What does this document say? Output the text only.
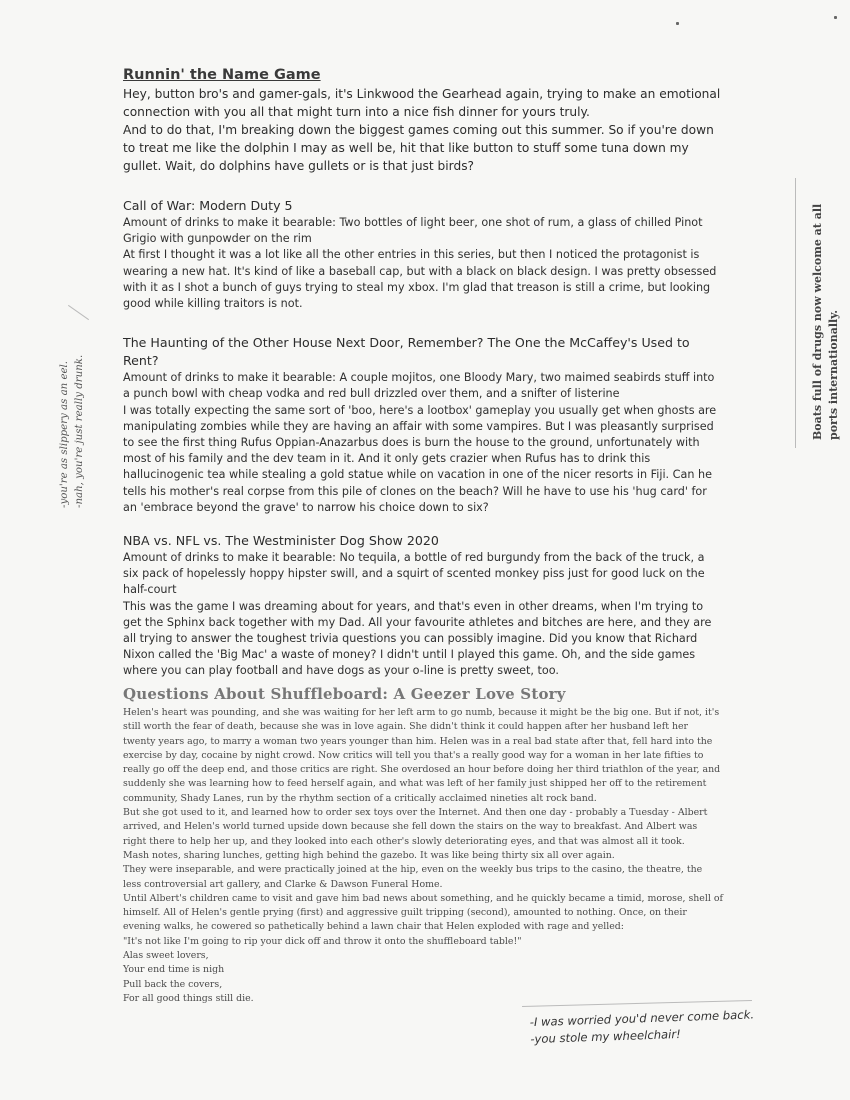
Runnin' the Name Game

Hey, button bro's and gamer-gals, it's Linkwood the Gearhead again, trying to make an emotional connection with you all that might turn into a nice fish dinner for yours truly.

And to do that, I'm breaking down the biggest games coming out this summer. So if you're down to treat me like the dolphin I may as well be, hit that like button to stuff some tuna down my gullet. Wait, do dolphins have gullets or is that just birds?

Call of War: Modern Duty 5

Amount of drinks to make it bearable: Two bottles of light beer, one shot of rum, a glass of chilled Pinot Grigio with gunpowder on the rim

At first I thought it was a lot like all the other entries in this series, but then I noticed the protagonist is wearing a new hat. It's kind of like a baseball cap, but with a black on black design. I was pretty obsessed with it as I shot a bunch of guys trying to steal my xbox. I'm glad that treason is still a crime, but looking good while killing traitors is not.

The Haunting of the Other House Next Door, Remember? The One the McCaffey's Used to Rent?

Amount of drinks to make it bearable: A couple mojitos, one Bloody Mary, two maimed seabirds stuff into a punch bowl with cheap vodka and red bull drizzled over them, and a snifter of listerine

I was totally expecting the same sort of 'boo, here's a lootbox' gameplay you usually get when ghosts are manipulating zombies while they are having an affair with some vampires. But I was pleasantly surprised to see the first thing Rufus Oppian-Anazarbus does is burn the house to the ground, unfortunately with most of his family and the dev team in it. And it only gets crazier when Rufus has to drink this hallucinogenic tea while stealing a gold statue while on vacation in one of the nicer resorts in Fiji. Can he tells his mother's real corpse from this pile of clones on the beach? Will he have to use his 'hug card' for an 'embrace beyond the grave' to narrow his choice down to six?

NBA vs. NFL vs. The Westminister Dog Show 2020

Amount of drinks to make it bearable: No tequila, a bottle of red burgundy from the back of the truck, a six pack of hopelessly hoppy hipster swill, and a squirt of scented monkey piss just for good luck on the half-court

This was the game I was dreaming about for years, and that's even in other dreams, when I'm trying to get the Sphinx back together with my Dad. All your favourite athletes and bitches are here, and they are all trying to answer the toughest trivia questions you can possibly imagine. Did you know that Richard Nixon called the 'Big Mac' a waste of money? I didn't until I played this game. Oh, and the side games where you can play football and have dogs as your o-line is pretty sweet, too.

Questions About Shuffleboard: A Geezer Love Story

Helen's heart was pounding, and she was waiting for her left arm to go numb, because it might be the big one. But if not, it's still worth the fear of death, because she was in love again. She didn't think it could happen after her husband left her twenty years ago, to marry a woman two years younger than him. Helen was in a real bad state after that, fell hard into the exercise by day, cocaine by night crowd. Now critics will tell you that's a really good way for a woman in her late fifties to really go off the deep end, and those critics are right. She overdosed an hour before doing her third triathlon of the year, and suddenly she was learning how to feed herself again, and what was left of her family just shipped her off to the retirement community, Shady Lanes, run by the rhythm section of a critically acclaimed nineties alt rock band.

But she got used to it, and learned how to order sex toys over the Internet. And then one day - probably a Tuesday - Albert arrived, and Helen's world turned upside down because she fell down the stairs on the way to breakfast. And Albert was right there to help her up, and they looked into each other's slowly deteriorating eyes, and that was almost all it took.

Mash notes, sharing lunches, getting high behind the gazebo. It was like being thirty six all over again.

They were inseparable, and were practically joined at the hip, even on the weekly bus trips to the casino, the theatre, the less controversial art gallery, and Clarke & Dawson Funeral Home.

Until Albert's children came to visit and gave him bad news about something, and he quickly became a timid, morose, shell of himself. All of Helen's gentle prying (first) and aggressive guilt tripping (second), amounted to nothing. Once, on their evening walks, he cowered so pathetically behind a lawn chair that Helen exploded with rage and yelled:

"It's not like I'm going to rip your dick off and throw it onto the shuffleboard table!"

Alas sweet lovers,

Your end time is nigh

Pull back the covers,

For all good things still die.

-you're as slippery as an eel. -nah, you're just really drunk.	Boats full of drugs now welcome at all ports internationally.
-I was worried you'd never come back.
-you stole my wheelchair!
